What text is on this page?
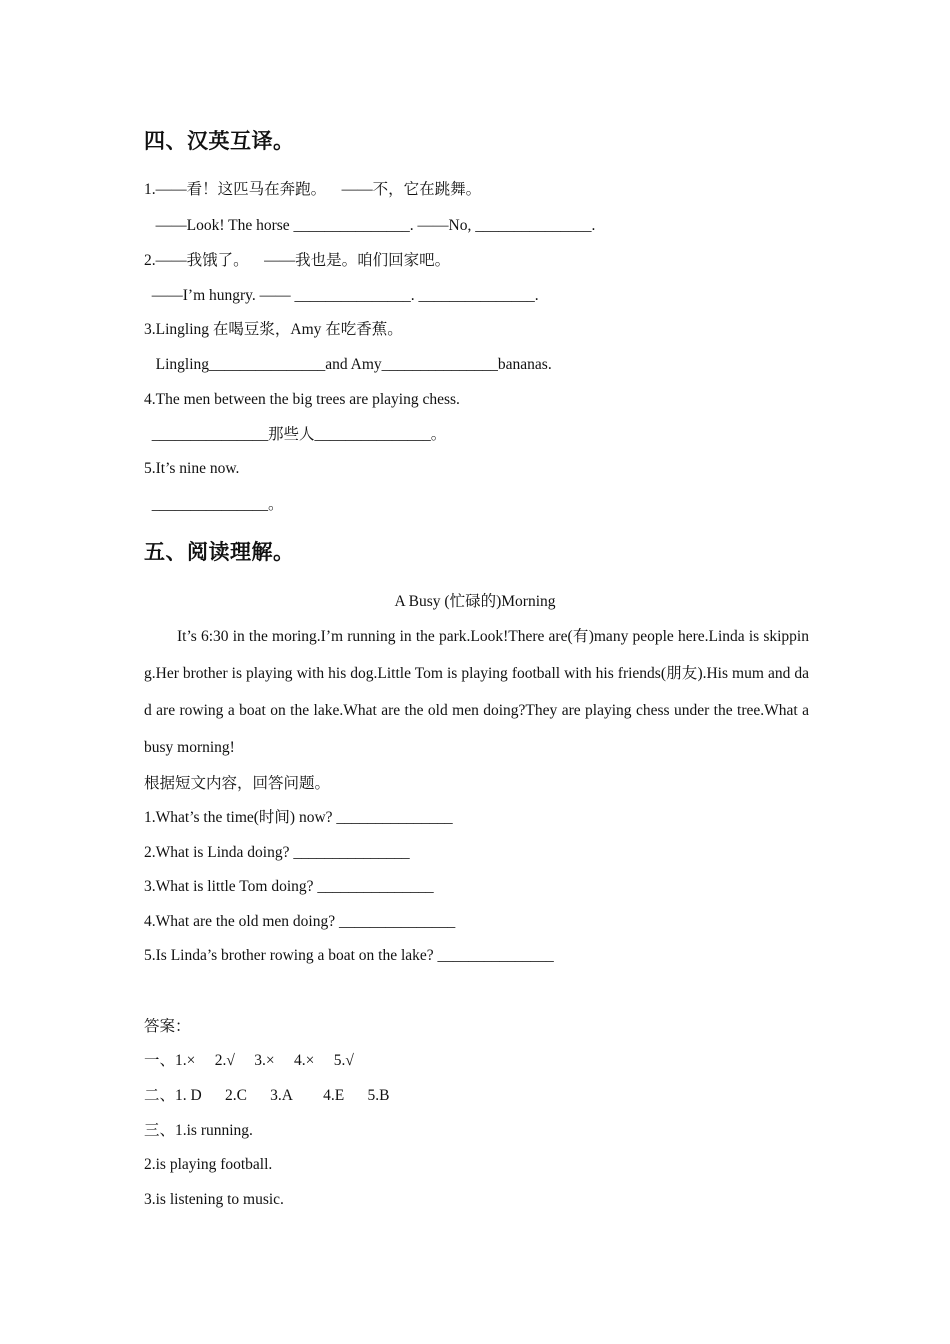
四、汉英互译。
1.——看！这匹马在奔跑。    ——不，它在跳舞。
——Look! The horse _______________. ——No, _______________.
2.——我饿了。    ——我也是。咱们回家吧。
——I’m hungry. —— _______________. _______________.
3.Lingling 在喝豆浆，Amy 在吃香蕉。
Lingling_______________and Amy_______________bananas.
4.The men between the big trees are playing chess.
_______________那些人_______________。
5.It’s nine now.
_______________。
五、阅读理解。
A Busy (忙碌的)Morning
It’s 6:30 in the moring.I’m running in the park.Look!There are(有)many people here.Linda is skipping.Her brother is playing with his dog.Little Tom is playing football with his friends(朋友).His mum and dad are rowing a boat on the lake.What are the old men doing?They are playing chess under the tree.What a busy morning!
根据短文内容，回答问题。
1.What’s the time(时间) now? _______________
2.What is Linda doing? _______________
3.What is little Tom doing? _______________
4.What are the old men doing? _______________
5.Is Linda’s brother rowing a boat on the lake? _______________
答案：
一、1.×     2.√     3.×     4.×     5.√
二、1. D      2.C      3.A        4.E      5.B
三、1.is running.
2.is playing football.
3.is listening to music.
